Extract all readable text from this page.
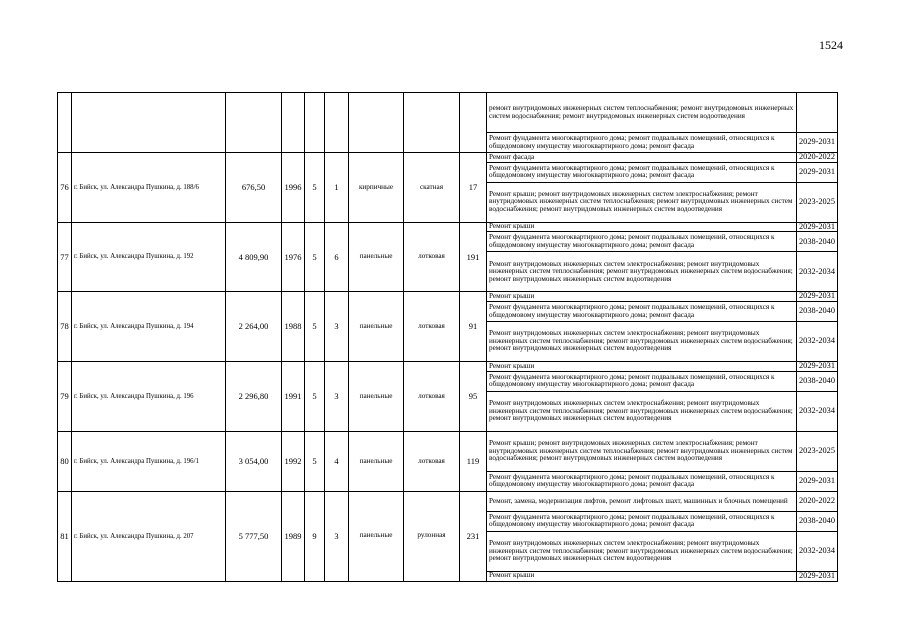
1524
									ремонт внутридомовых инженерных систем теплоснабжения; ремонт внутридомовых инженерных систем водоснабжения; ремонт внутридомовых инженерных систем водоотведения	
									Ремонт фундамента многоквартирного дома; ремонт подвальных помещений, относящихся к общедомовому имуществу многоквартирного дома; ремонт фасада	2029-2031
76	г. Бийск, ул. Александра Пушкина, д. 188/6	676,50	1996	5	1	кирпичные	скатная	17	Ремонт фасада	2020-2022
									Ремонт фундамента многоквартирного дома; ремонт подвальных помещений, относящихся к общедомовому имуществу многоквартирного дома; ремонт фасада	2029-2031
									Ремонт крыши; ремонт внутридомовых инженерных систем электроснабжения; ремонт внутридомовых инженерных систем теплоснабжения; ремонт внутридомовых инженерных систем водоснабжения; ремонт внутридомовых инженерных систем водоотведения	2023-2025
77	г. Бийск, ул. Александра Пушкина, д. 192	4 809,90	1976	5	6	панельные	лотковая	191	Ремонт крыши	2029-2031
									Ремонт фундамента многоквартирного дома; ремонт подвальных помещений, относящихся к общедомовому имуществу многоквартирного дома; ремонт фасада	2038-2040
									Ремонт внутридомовых инженерных систем электроснабжения; ремонт внутридомовых инженерных систем теплоснабжения; ремонт внутридомовых инженерных систем водоснабжения; ремонт внутридомовых инженерных систем водоотведения	2032-2034
78	г. Бийск, ул. Александра Пушкина, д. 194	2 264,00	1988	5	3	панельные	лотковая	91	Ремонт крыши	2029-2031
									Ремонт фундамента многоквартирного дома; ремонт подвальных помещений, относящихся к общедомовому имуществу многоквартирного дома; ремонт фасада	2038-2040
									Ремонт внутридомовых инженерных систем электроснабжения; ремонт внутридомовых инженерных систем теплоснабжения; ремонт внутридомовых инженерных систем водоснабжения; ремонт внутридомовых инженерных систем водоотведения	2032-2034
79	г. Бийск, ул. Александра Пушкина, д. 196	2 296,80	1991	5	3	панельные	лотковая	95	Ремонт крыши	2029-2031
									Ремонт фундамента многоквартирного дома; ремонт подвальных помещений, относящихся к общедомовому имуществу многоквартирного дома; ремонт фасада	2038-2040
									Ремонт внутридомовых инженерных систем электроснабжения; ремонт внутридомовых инженерных систем теплоснабжения; ремонт внутридомовых инженерных систем водоснабжения; ремонт внутридомовых инженерных систем водоотведения	2032-2034
80	г. Бийск, ул. Александра Пушкина, д. 196/1	3 054,00	1992	5	4	панельные	лотковая	119	Ремонт крыши; ремонт внутридомовых инженерных систем электроснабжения; ремонт внутридомовых инженерных систем теплоснабжения; ремонт внутридомовых инженерных систем водоснабжения; ремонт внутридомовых инженерных систем водоотведения	2023-2025
									Ремонт фундамента многоквартирного дома; ремонт подвальных помещений, относящихся к общедомовому имуществу многоквартирного дома; ремонт фасада	2029-2031
81	г. Бийск, ул. Александра Пушкина, д. 207	5 777,50	1989	9	3	панельные	рулонная	231	Ремонт, замена, модернизация лифтов, ремонт лифтовых шахт, машинных и блочных помещений	2020-2022
									Ремонт фундамента многоквартирного дома; ремонт подвальных помещений, относящихся к общедомовому имуществу многоквартирного дома; ремонт фасада	2038-2040
									Ремонт внутридомовых инженерных систем электроснабжения; ремонт внутридомовых инженерных систем теплоснабжения; ремонт внутридомовых инженерных систем водоснабжения; ремонт внутридомовых инженерных систем водоотведения	2032-2034
									Ремонт крыши	2029-2031
